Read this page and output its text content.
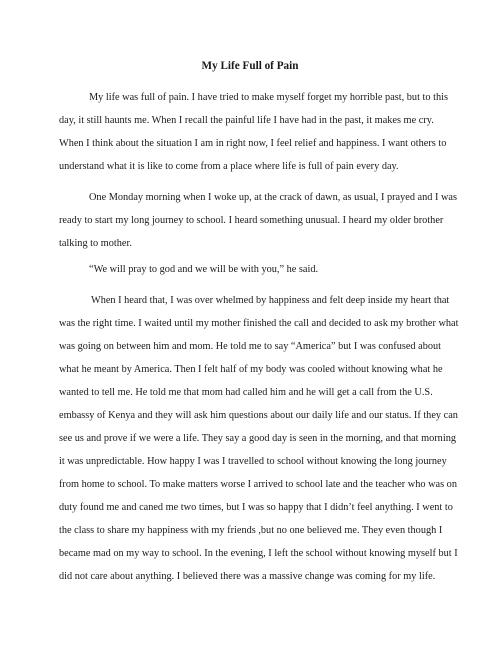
My Life Full of Pain
My life was full of pain. I have tried to make myself forget my horrible past, but to this
day, it still haunts me. When I recall the painful life I have had in the past, it makes me cry.
When I think about the situation I am in right now, I feel relief and happiness. I want others to
understand what it is like to come from a place where life is full of pain every day.
One Monday morning when I woke up, at the crack of dawn, as usual, I prayed and I was
ready to start my long journey to school. I heard something unusual. I heard my older brother
talking to mother.
“We will pray to god and we will be with you,” he said.
When I heard that, I was over whelmed by happiness and felt deep inside my heart that
was the right time. I waited until my mother finished the call and decided to ask my brother what
was going on between him and mom. He told me to say “America” but I was confused about
what he meant by America. Then I felt half of my body was cooled without knowing what he
wanted to tell me. He told me that mom had called him and he will get a call from the U.S.
embassy of Kenya and they will ask him questions about our daily life and our status. If they can
see us and prove if we were a life. They say a good day is seen in the morning, and that morning
it was unpredictable. How happy I was I travelled to school without knowing the long journey
from home to school. To make matters worse I arrived to school late and the teacher who was on
duty found me and caned me two times, but I was so happy that I didn’t feel anything. I went to
the class to share my happiness with my friends ,but no one believed me. They even though I
became mad on my way to school. In the evening, I left the school without knowing myself but I
did not care about anything. I believed there was a massive change was coming for my life.
